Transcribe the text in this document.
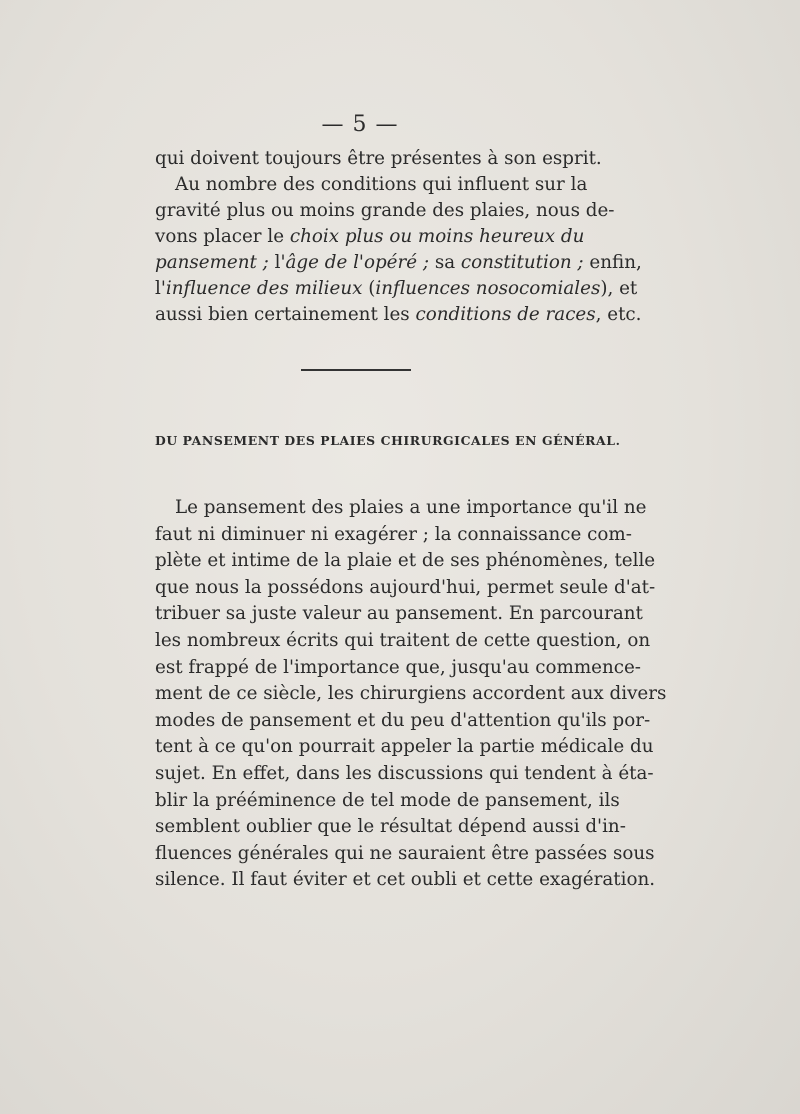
— 5 —
qui doivent toujours être présentes à son esprit.
Au nombre des conditions qui influent sur la
gravité plus ou moins grande des plaies, nous de-
vons placer le choix plus ou moins heureux du
pansement ; l'âge de l'opéré ; sa constitution ; enfin,
l'influence des milieux (influences nosocomiales), et
aussi bien certainement les conditions de races, etc.
DU PANSEMENT DES PLAIES CHIRURGICALES EN GÉNÉRAL.
Le pansement des plaies a une importance qu'il ne
faut ni diminuer ni exagérer ; la connaissance com-
plète et intime de la plaie et de ses phénomènes, telle
que nous la possédons aujourd'hui, permet seule d'at-
tribuer sa juste valeur au pansement. En parcourant
les nombreux écrits qui traitent de cette question, on
est frappé de l'importance que, jusqu'au commence-
ment de ce siècle, les chirurgiens accordent aux divers
modes de pansement et du peu d'attention qu'ils por-
tent à ce qu'on pourrait appeler la partie médicale du
sujet. En effet, dans les discussions qui tendent à éta-
blir la prééminence de tel mode de pansement, ils
semblent oublier que le résultat dépend aussi d'in-
fluences générales qui ne sauraient être passées sous
silence. Il faut éviter et cet oubli et cette exagération.
